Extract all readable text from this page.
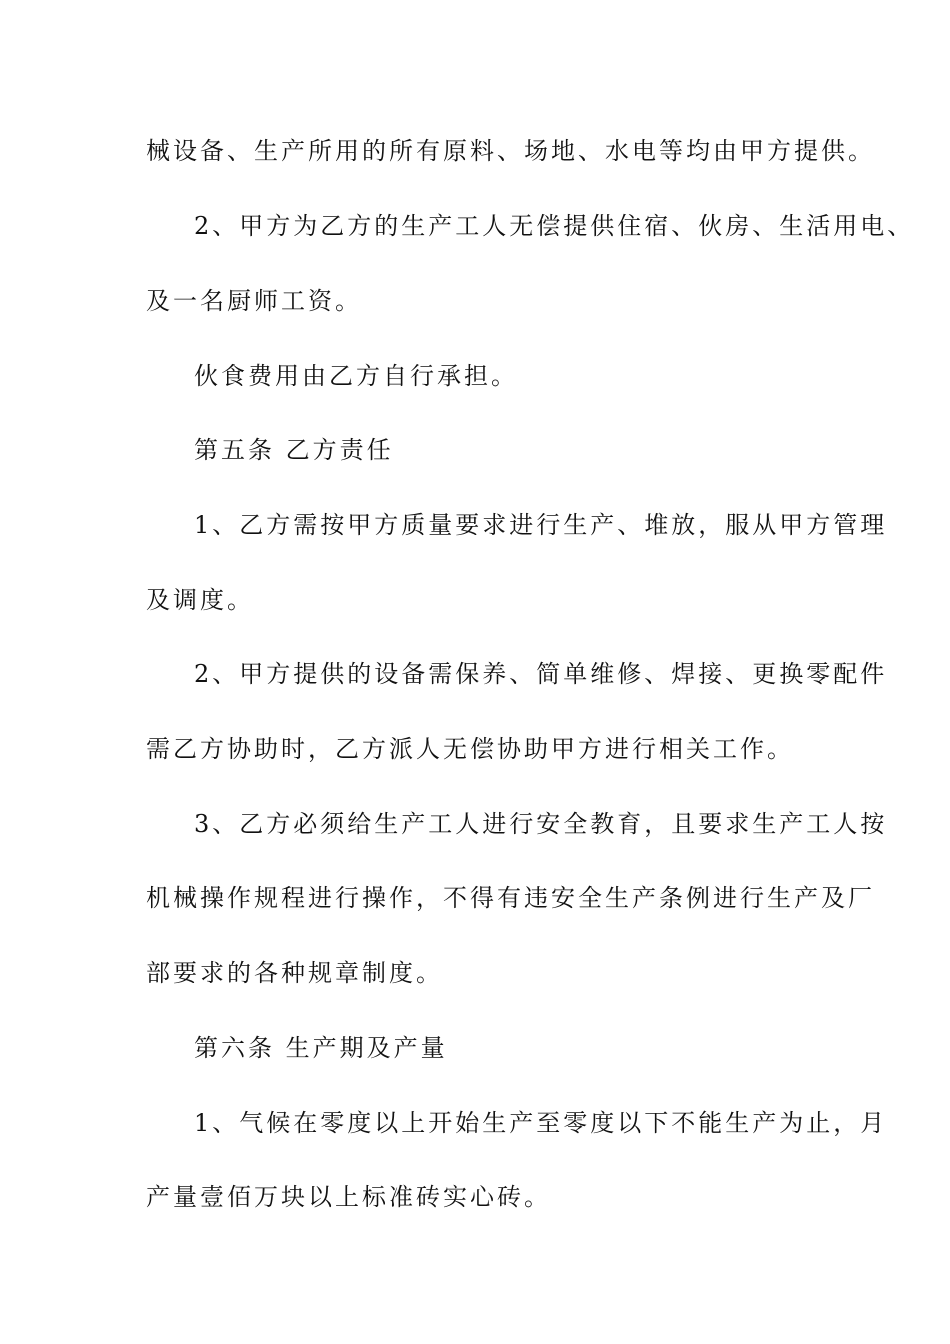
械设备、生产所用的所有原料、场地、水电等均由甲方提供。
2、甲方为乙方的生产工人无偿提供住宿、伙房、生活用电、
及一名厨师工资。
伙食费用由乙方自行承担。
第五条 乙方责任
1、乙方需按甲方质量要求进行生产、堆放，服从甲方管理
及调度。
2、甲方提供的设备需保养、简单维修、焊接、更换零配件
需乙方协助时，乙方派人无偿协助甲方进行相关工作。
3、乙方必须给生产工人进行安全教育，且要求生产工人按
机械操作规程进行操作，不得有违安全生产条例进行生产及厂
部要求的各种规章制度。
第六条 生产期及产量
1、气候在零度以上开始生产至零度以下不能生产为止，月
产量壹佰万块以上标准砖实心砖。
